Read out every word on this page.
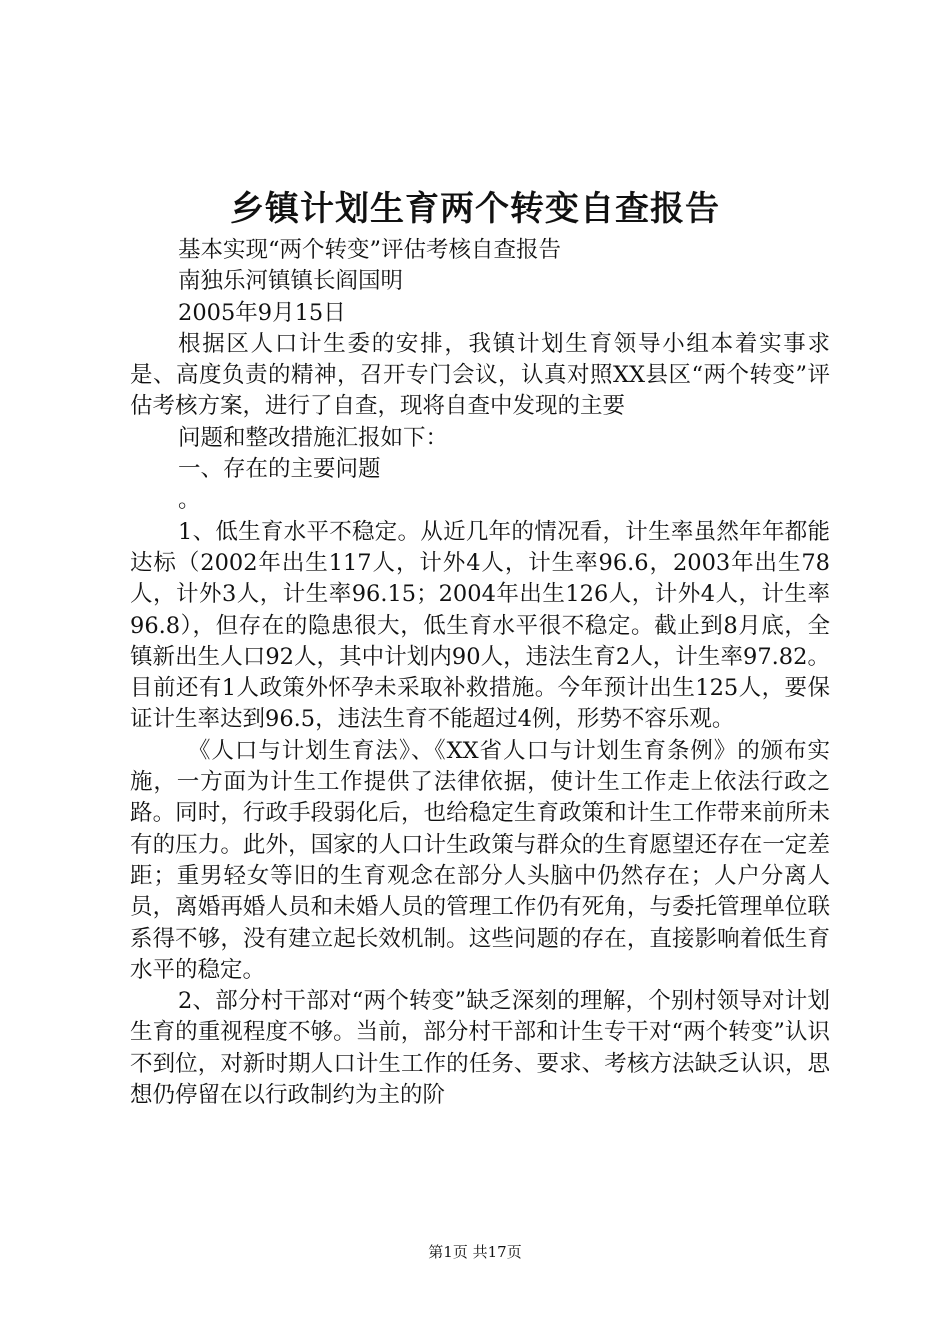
乡镇计划生育两个转变自查报告

基本实现“两个转变”评估考核自查报告

南独乐河镇镇长阎国明

2005年9月15日

根据区人口计生委的安排，我镇计划生育领导小组本着实事求是、高度负责的精神，召开专门会议，认真对照XX县区“两个转变”评估考核方案，进行了自查，现将自查中发现的主要

问题和整改措施汇报如下：

一、存在的主要问题

。

1、低生育水平不稳定。从近几年的情况看，计生率虽然年年都能达标（2002年出生117人，计外4人，计生率96.6，2003年出生78人，计外3人，计生率96.15；2004年出生126人，计外4人，计生率96.8），但存在的隐患很大，低生育水平很不稳定。截止到8月底，全镇新出生人口92人，其中计划内90人，违法生育2人，计生率97.82。目前还有1人政策外怀孕未采取补救措施。今年预计出生125人，要保证计生率达到96.5，违法生育不能超过4例，形势不容乐观。

《人口与计划生育法》、《XX省人口与计划生育条例》的颁布实施，一方面为计生工作提供了法律依据，使计生工作走上依法行政之路。同时，行政手段弱化后，也给稳定生育政策和计生工作带来前所未有的压力。此外，国家的人口计生政策与群众的生育愿望还存在一定差距；重男轻女等旧的生育观念在部分人头脑中仍然存在；人户分离人员，离婚再婚人员和未婚人员的管理工作仍有死角，与委托管理单位联系得不够，没有建立起长效机制。这些问题的存在，直接影响着低生育水平的稳定。

2、部分村干部对“两个转变”缺乏深刻的理解，个别村领导对计划生育的重视程度不够。当前，部分村干部和计生专干对“两个转变”认识不到位，对新时期人口计生工作的任务、要求、考核方法缺乏认识，思想仍停留在以行政制约为主的阶

第1页 共17页
